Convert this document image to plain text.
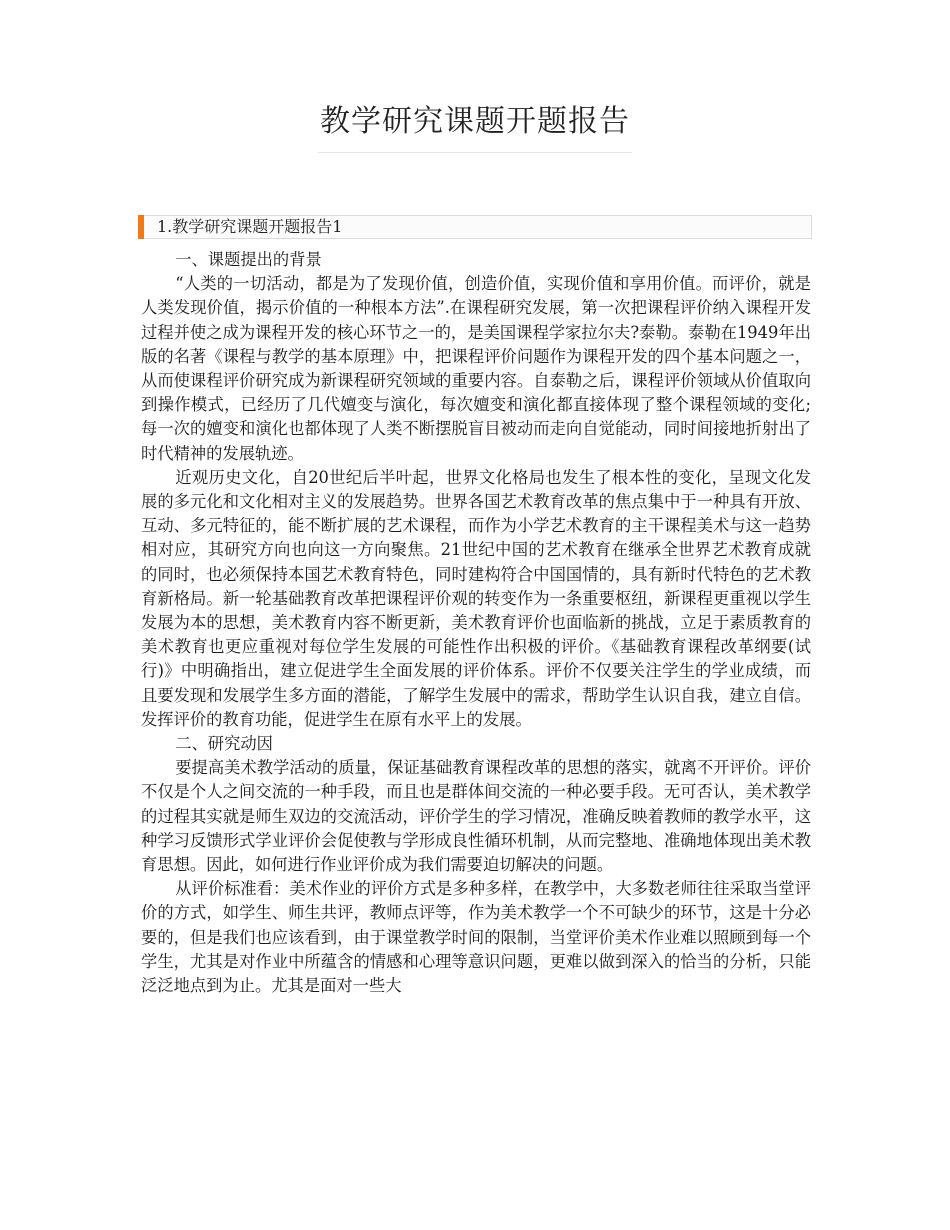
教学研究课题开题报告
1.教学研究课题开题报告1

一、课题提出的背景

“人类的一切活动，都是为了发现价值，创造价值，实现价值和享用价值。而评价，就是人类发现价值，揭示价值的一种根本方法”.在课程研究发展，第一次把课程评价纳入课程开发过程并使之成为课程开发的核心环节之一的，是美国课程学家拉尔夫?泰勒。泰勒在1949年出版的名著《课程与教学的基本原理》中，把课程评价问题作为课程开发的四个基本问题之一，从而使课程评价研究成为新课程研究领域的重要内容。自泰勒之后，课程评价领域从价值取向到操作模式，已经历了几代嬗变与演化，每次嬗变和演化都直接体现了整个课程领域的变化;每一次的嬗变和演化也都体现了人类不断摆脱盲目被动而走向自觉能动，同时间接地折射出了时代精神的发展轨迹。

近观历史文化，自20世纪后半叶起，世界文化格局也发生了根本性的变化，呈现文化发展的多元化和文化相对主义的发展趋势。世界各国艺术教育改革的焦点集中于一种具有开放、互动、多元特征的，能不断扩展的艺术课程，而作为小学艺术教育的主干课程美术与这一趋势相对应，其研究方向也向这一方向聚焦。21世纪中国的艺术教育在继承全世界艺术教育成就的同时，也必须保持本国艺术教育特色，同时建构符合中国国情的，具有新时代特色的艺术教育新格局。新一轮基础教育改革把课程评价观的转变作为一条重要枢纽，新课程更重视以学生发展为本的思想，美术教育内容不断更新，美术教育评价也面临新的挑战，立足于素质教育的美术教育也更应重视对每位学生发展的可能性作出积极的评价。《基础教育课程改革纲要(试行)》中明确指出，建立促进学生全面发展的评价体系。评价不仅要关注学生的学业成绩，而且要发现和发展学生多方面的潜能，了解学生发展中的需求，帮助学生认识自我，建立自信。发挥评价的教育功能，促进学生在原有水平上的发展。

二、研究动因

要提高美术教学活动的质量，保证基础教育课程改革的思想的落实，就离不开评价。评价不仅是个人之间交流的一种手段，而且也是群体间交流的一种必要手段。无可否认，美术教学的过程其实就是师生双边的交流活动，评价学生的学习情况，准确反映着教师的教学水平，这种学习反馈形式学业评价会促使教与学形成良性循环机制，从而完整地、准确地体现出美术教育思想。因此，如何进行作业评价成为我们需要迫切解决的问题。

从评价标准看：美术作业的评价方式是多种多样，在教学中，大多数老师往往采取当堂评价的方式，如学生、师生共评，教师点评等，作为美术教学一个不可缺少的环节，这是十分必要的，但是我们也应该看到，由于课堂教学时间的限制，当堂评价美术作业难以照顾到每一个学生，尤其是对作业中所蕴含的情感和心理等意识问题，更难以做到深入的恰当的分析，只能泛泛地点到为止。尤其是面对一些大
